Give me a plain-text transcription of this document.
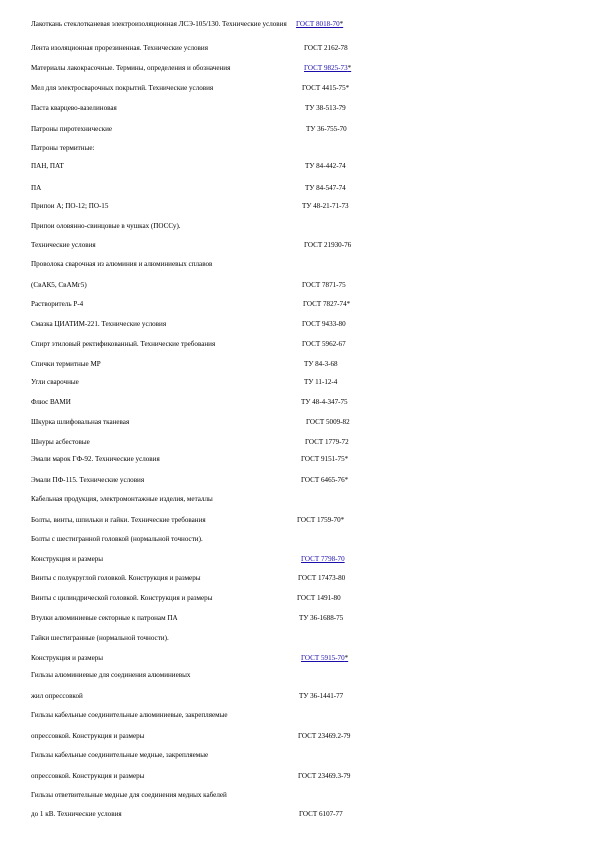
Лакоткань стеклотканевая электроизоляционная ЛСЭ-105/130. Технические условия ГОСТ 8018-70*
Лента изоляционная прорезиненная. Технические условия	ГОСТ 2162-78
Материалы лакокрасочные. Термины, определения и обозначения	ГОСТ 9825-73*
Мел для электросварочных покрытий. Технические условия	ГОСТ 4415-75*
Паста кварцево-вазелиновая	ТУ 38-513-79
Патроны пиротехнические	ТУ 36-755-70
Патроны термитные:
ПАН, ПАТ	ТУ 84-442-74
ПА	ТУ 84-547-74
Припои А; ПО-12; ПО-15	ТУ 48-21-71-73
Припои оловянно-свинцовые в чушках (ПОССу).
Технические условия	ГОСТ 21930-76
Проволока сварочная из алюминия и алюминиевых сплавов
(СвАК5, СвАМг5)	ГОСТ 7871-75
Растворитель Р-4	ГОСТ 7827-74*
Смазка ЦИАТИМ-221. Технические условия	ГОСТ 9433-80
Спирт этиловый ректификованный. Технические требования	ГОСТ 5962-67
Спички термитные МР	ТУ 84-3-68
Угли сварочные	ТУ 11-12-4
Флюс ВАМИ	ТУ 48-4-347-75
Шкурка шлифовальная тканевая	ГОСТ 5009-82
Шнуры асбестовые	ГОСТ 1779-72
Эмали марок ГФ-92. Технические условия	ГОСТ 9151-75*
Эмали ПФ-115. Технические условия	ГОСТ 6465-76*
Кабельная продукция, электромонтажные изделия, металлы
Болты, винты, шпильки и гайки. Технические требования	ГОСТ 1759-70*
Болты с шестигранной головкой (нормальной точности).
Конструкция и размеры	ГОСТ 7798-70
Винты с полукруглой головкой. Конструкция и размеры	ГОСТ 17473-80
Винты с цилиндрической головкой. Конструкция и размеры	ГОСТ 1491-80
Втулки алюминиевые секторные к патронам ПА	ТУ 36-1688-75
Гайки шестигранные (нормальной точности).
Конструкция и размеры	ГОСТ 5915-70*
Гильзы алюминиевые для соединения алюминиевых
жил опрессовкой	ТУ 36-1441-77
Гильзы кабельные соединительные алюминиевые, закрепляемые
опрессовкой. Конструкция и размеры	ГОСТ 23469.2-79
Гильзы кабельные соединительные медные, закрепляемые
опрессовкой. Конструкция и размеры	ГОСТ 23469.3-79
Гильзы ответвительные медные для соединения медных кабелей
до 1 кВ. Технические условия	ГОСТ 6107-77
